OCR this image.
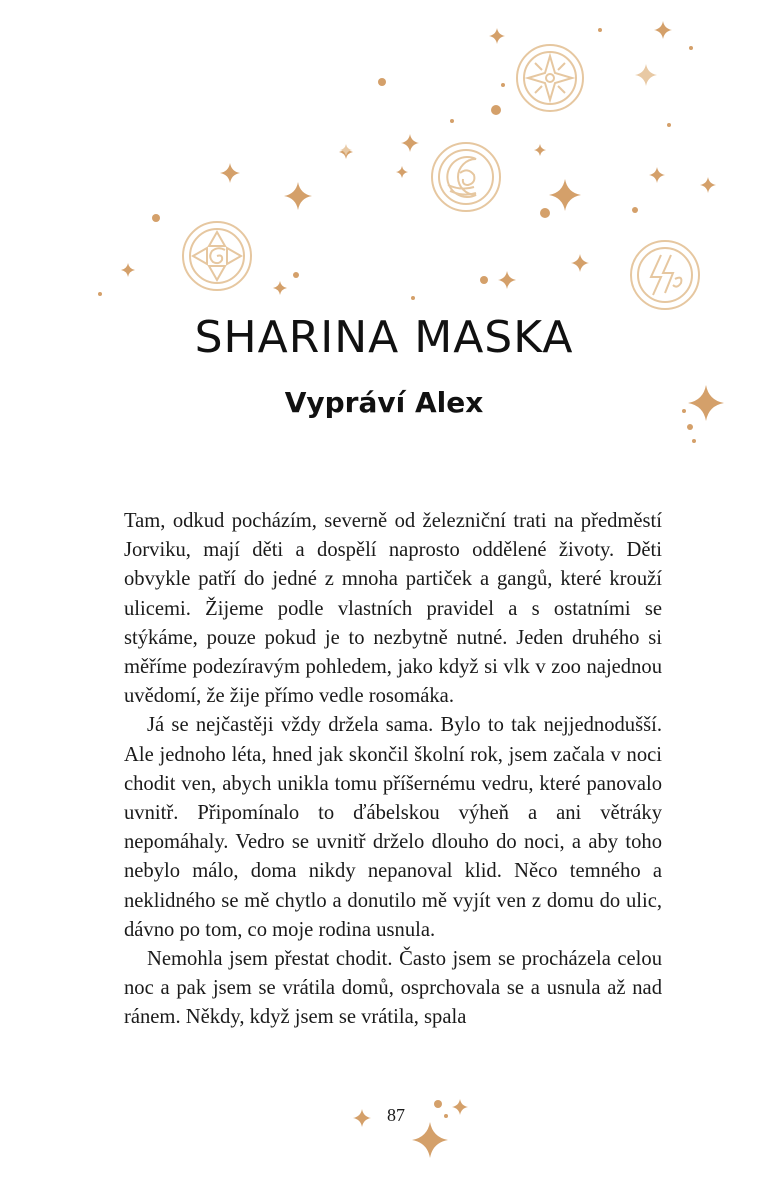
SHARINA MASKA
Vypráví Alex

Tam, odkud pocházím, severně od železniční trati na předměstí Jorviku, mají děti a dospělí naprosto oddělené životy. Děti obvykle patří do jedné z mnoha partiček a gangů, které krouží ulicemi. Žijeme podle vlastních pravidel a s ostatními se stýkáme, pouze pokud je to nezbytně nutné. Jeden druhého si měříme podezíravým pohledem, jako když si vlk v zoo najednou uvědomí, že žije přímo vedle rosomáka.

Já se nejčastěji vždy držela sama. Bylo to tak nejjednodušší. Ale jednoho léta, hned jak skončil školní rok, jsem začala v noci chodit ven, abych unikla tomu příšernému vedru, které panovalo uvnitř. Připomínalo to ďábelskou výheň a ani větráky nepomáhaly. Vedro se uvnitř drželo dlouho do noci, a aby toho nebylo málo, doma nikdy nepanoval klid. Něco temného a neklidného se mě chytlo a donutilo mě vyjít ven z domu do ulic, dávno po tom, co moje rodina usnula.

Nemohla jsem přestat chodit. Často jsem se procházela celou noc a pak jsem se vrátila domů, osprchovala se a usnula až nad ránem. Někdy, když jsem se vrátila, spala

87
